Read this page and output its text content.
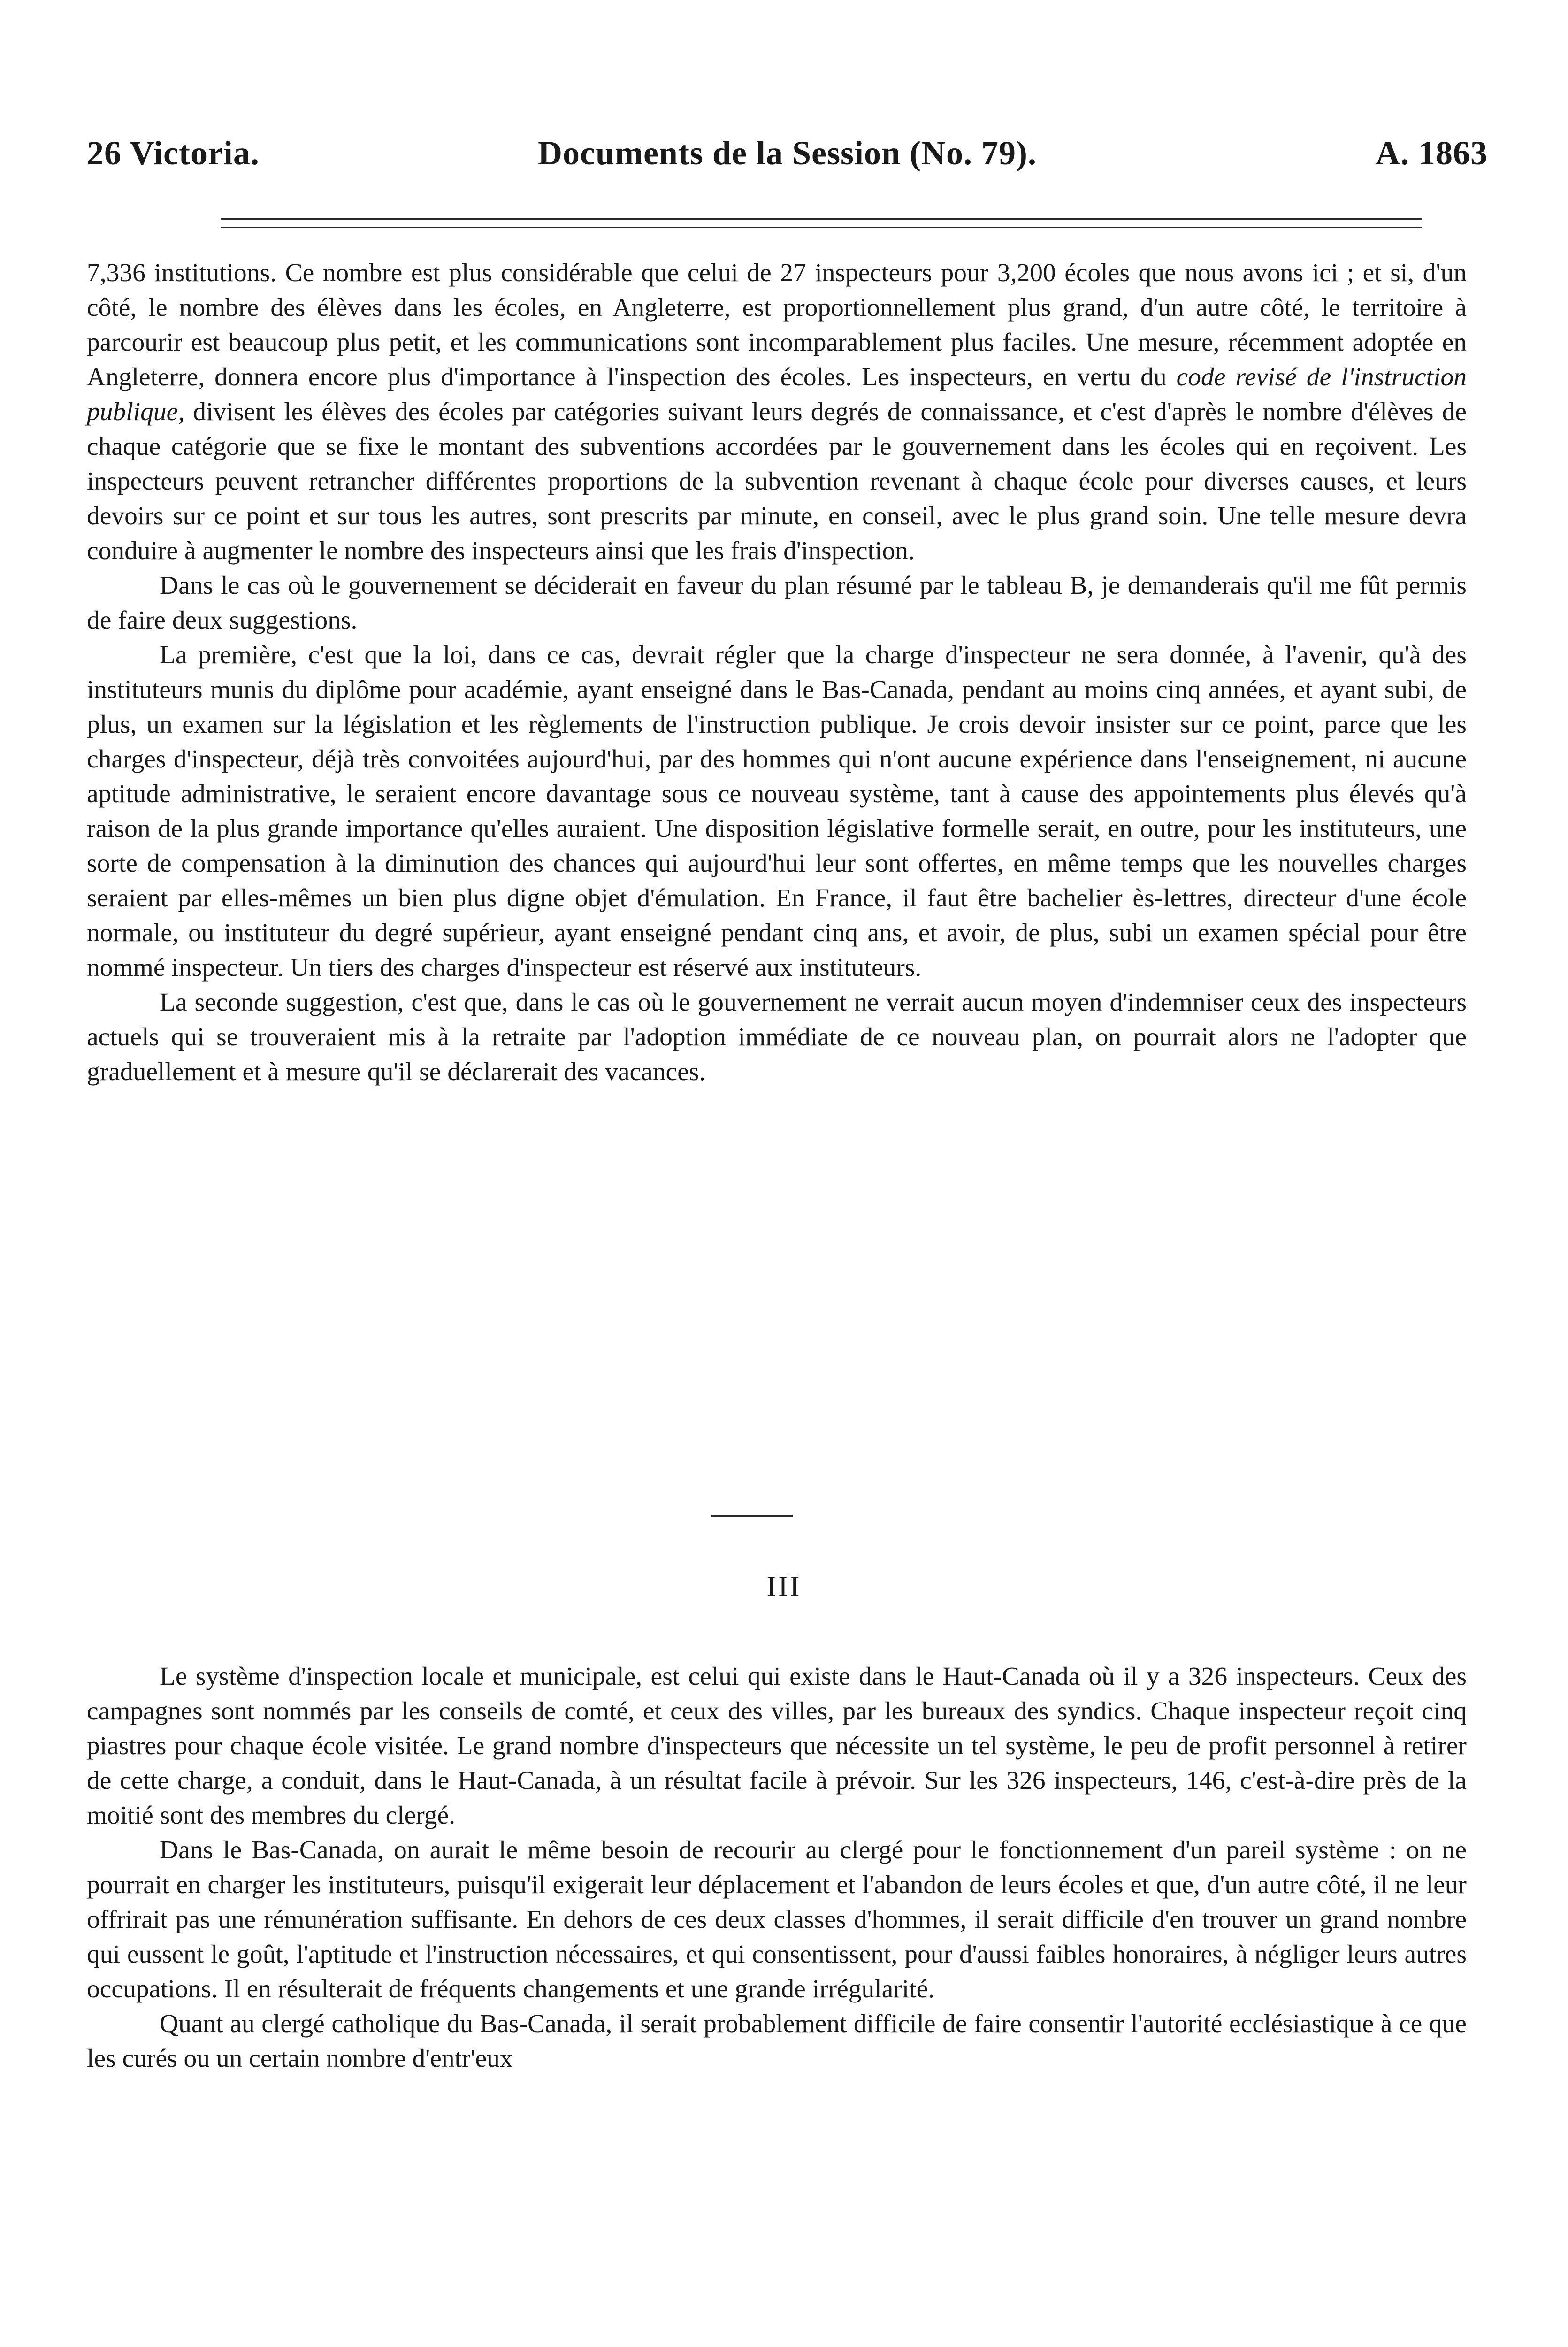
26 Victoria.	Documents de la Session (No. 79).	A. 1863

7,336 institutions. Ce nombre est plus considérable que celui de 27 inspecteurs pour 3,200 écoles que nous avons ici ; et si, d'un côté, le nombre des élèves dans les écoles, en Angleterre, est proportionnellement plus grand, d'un autre côté, le territoire à parcourir est beaucoup plus petit, et les communications sont incomparablement plus faciles. Une mesure, récemment adoptée en Angleterre, donnera encore plus d'importance à l'inspection des écoles. Les inspecteurs, en vertu du code revisé de l'instruction publique, divisent les élèves des écoles par catégories suivant leurs degrés de connaissance, et c'est d'après le nombre d'élèves de chaque catégorie que se fixe le montant des subventions accordées par le gouvernement dans les écoles qui en reçoivent. Les inspecteurs peuvent retrancher différentes proportions de la subvention revenant à chaque école pour diverses causes, et leurs devoirs sur ce point et sur tous les autres, sont prescrits par minute, en conseil, avec le plus grand soin. Une telle mesure devra conduire à augmenter le nombre des inspecteurs ainsi que les frais d'inspection.

Dans le cas où le gouvernement se déciderait en faveur du plan résumé par le tableau B, je demanderais qu'il me fût permis de faire deux suggestions.

La première, c'est que la loi, dans ce cas, devrait régler que la charge d'inspecteur ne sera donnée, à l'avenir, qu'à des instituteurs munis du diplôme pour académie, ayant enseigné dans le Bas-Canada, pendant au moins cinq années, et ayant subi, de plus, un examen sur la législation et les règlements de l'instruction publique. Je crois devoir insister sur ce point, parce que les charges d'inspecteur, déjà très convoitées aujourd'hui, par des hommes qui n'ont aucune expérience dans l'enseignement, ni aucune aptitude administrative, le seraient encore davantage sous ce nouveau système, tant à cause des appointements plus élevés qu'à raison de la plus grande importance qu'elles auraient. Une disposition législative formelle serait, en outre, pour les instituteurs, une sorte de compensation à la diminution des chances qui aujourd'hui leur sont offertes, en même temps que les nouvelles charges seraient par elles-mêmes un bien plus digne objet d'émulation. En France, il faut être bachelier ès-lettres, directeur d'une école normale, ou instituteur du degré supérieur, ayant enseigné pendant cinq ans, et avoir, de plus, subi un examen spécial pour être nommé inspecteur. Un tiers des charges d'inspecteur est réservé aux instituteurs.

La seconde suggestion, c'est que, dans le cas où le gouvernement ne verrait aucun moyen d'indemniser ceux des inspecteurs actuels qui se trouveraient mis à la retraite par l'adoption immédiate de ce nouveau plan, on pourrait alors ne l'adopter que graduellement et à mesure qu'il se déclarerait des vacances.

III

Le système d'inspection locale et municipale, est celui qui existe dans le Haut-Canada où il y a 326 inspecteurs. Ceux des campagnes sont nommés par les conseils de comté, et ceux des villes, par les bureaux des syndics. Chaque inspecteur reçoit cinq piastres pour chaque école visitée. Le grand nombre d'inspecteurs que nécessite un tel système, le peu de profit personnel à retirer de cette charge, a conduit, dans le Haut-Canada, à un résultat facile à prévoir. Sur les 326 inspecteurs, 146, c'est-à-dire près de la moitié sont des membres du clergé.

Dans le Bas-Canada, on aurait le même besoin de recourir au clergé pour le fonctionnement d'un pareil système : on ne pourrait en charger les instituteurs, puisqu'il exigerait leur déplacement et l'abandon de leurs écoles et que, d'un autre côté, il ne leur offrirait pas une rémunération suffisante. En dehors de ces deux classes d'hommes, il serait difficile d'en trouver un grand nombre qui eussent le goût, l'aptitude et l'instruction nécessaires, et qui consentissent, pour d'aussi faibles honoraires, à négliger leurs autres occupations. Il en résulterait de fréquents changements et une grande irrégularité.

Quant au clergé catholique du Bas-Canada, il serait probablement difficile de faire consentir l'autorité ecclésiastique à ce que les curés ou un certain nombre d'entr'eux
